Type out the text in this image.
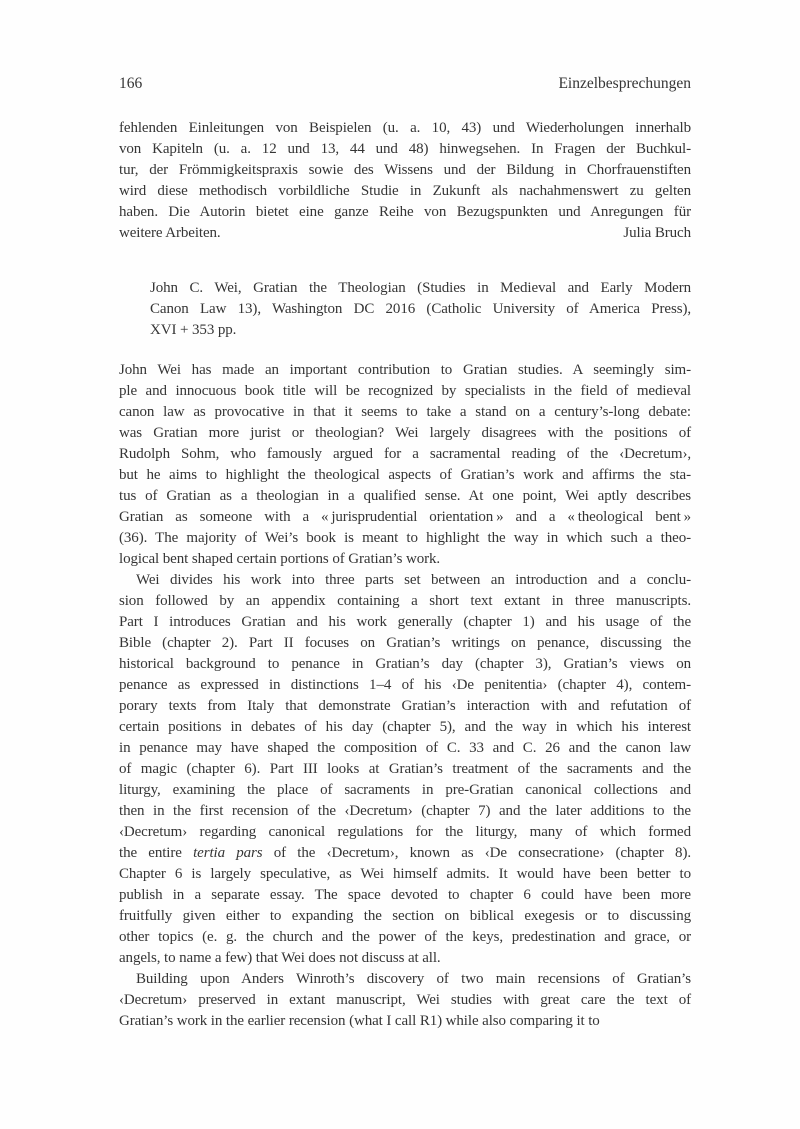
166	Einzelbesprechungen
fehlenden Einleitungen von Beispielen (u. a. 10, 43) und Wiederholungen innerhalb
von Kapiteln (u. a. 12 und 13, 44 und 48) hinwegsehen. In Fragen der Buchkul-
tur, der Frömmigkeitspraxis sowie des Wissens und der Bildung in Chorfrauenstiften
wird diese methodisch vorbildliche Studie in Zukunft als nachahmenswert zu gelten
haben. Die Autorin bietet eine ganze Reihe von Bezugspunkten und Anregungen für
weitere Arbeiten.	Julia Bruch
John C. Wei, Gratian the Theologian (Studies in Medieval and Early Modern
Canon Law 13), Washington DC 2016 (Catholic University of America Press),
XVI + 353 pp.
John Wei has made an important contribution to Gratian studies. A seemingly sim-
ple and innocuous book title will be recognized by specialists in the field of medieval
canon law as provocative in that it seems to take a stand on a century’s-long debate:
was Gratian more jurist or theologian? Wei largely disagrees with the positions of
Rudolph Sohm, who famously argued for a sacramental reading of the ‹Decretum›,
but he aims to highlight the theological aspects of Gratian’s work and affirms the sta-
tus of Gratian as a theologian in a qualified sense. At one point, Wei aptly describes
Gratian as someone with a « jurisprudential orientation » and a « theological bent »
(36). The majority of Wei’s book is meant to highlight the way in which such a theo-
logical bent shaped certain portions of Gratian’s work.
Wei divides his work into three parts set between an introduction and a conclu-
sion followed by an appendix containing a short text extant in three manuscripts.
Part I introduces Gratian and his work generally (chapter 1) and his usage of the
Bible (chapter 2). Part II focuses on Gratian’s writings on penance, discussing the
historical background to penance in Gratian’s day (chapter 3), Gratian’s views on
penance as expressed in distinctions 1–4 of his ‹De penitentia› (chapter 4), contem-
porary texts from Italy that demonstrate Gratian’s interaction with and refutation of
certain positions in debates of his day (chapter 5), and the way in which his interest
in penance may have shaped the composition of C. 33 and C. 26 and the canon law
of magic (chapter 6). Part III looks at Gratian’s treatment of the sacraments and the
liturgy, examining the place of sacraments in pre-Gratian canonical collections and
then in the first recension of the ‹Decretum› (chapter 7) and the later additions to the
‹Decretum› regarding canonical regulations for the liturgy, many of which formed
the entire tertia pars of the ‹Decretum›, known as ‹De consecratione› (chapter 8).
Chapter 6 is largely speculative, as Wei himself admits. It would have been better to
publish in a separate essay. The space devoted to chapter 6 could have been more
fruitfully given either to expanding the section on biblical exegesis or to discussing
other topics (e. g. the church and the power of the keys, predestination and grace, or
angels, to name a few) that Wei does not discuss at all.
Building upon Anders Winroth’s discovery of two main recensions of Gratian’s
‹Decretum› preserved in extant manuscript, Wei studies with great care the text of
Gratian’s work in the earlier recension (what I call R1) while also comparing it to
